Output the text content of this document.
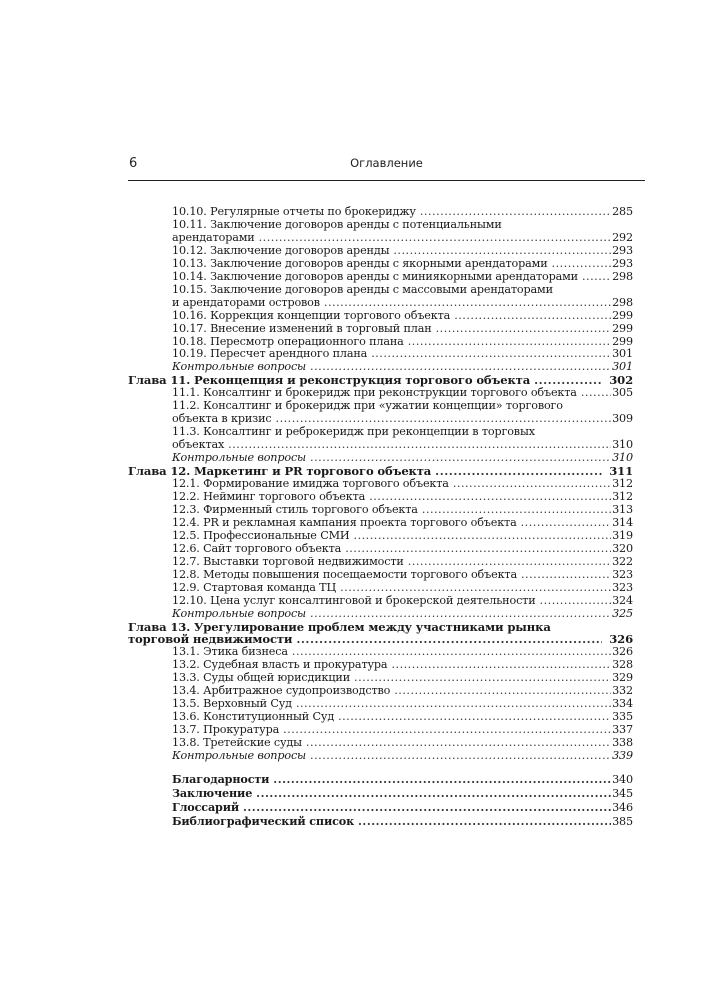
6	Оглавление
10.10. Регулярные отчеты по брокериджу .....	285
10.11. Заключение договоров аренды с потенциальными
арендаторами .....	292
10.12. Заключение договоров аренды .....	293
10.13. Заключение договоров аренды с якорными арендаторами .....	293
10.14. Заключение договоров аренды с миниякорными арендаторами .....	298
10.15. Заключение договоров аренды с массовыми арендаторами
и арендаторами островов .....	298
10.16. Коррекция концепции торгового объекта .....	299
10.17. Внесение изменений в торговый план .....	299
10.18. Пересмотр операционного плана .....	299
10.19. Пересчет арендного плана .....	301
Контрольные вопросы .....	301
Глава 11. Реконцепция и реконструкция торгового объекта .....	302
11.1. Консалтинг и брокеридж при реконструкции торгового объекта .....	305
11.2. Консалтинг и брокеридж при «ужатии концепции» торгового
объекта в кризис .....	309
11.3. Консалтинг и реброкеридж при реконцепции в торговых
объектах .....	310
Контрольные вопросы .....	310
Глава 12. Маркетинг и PR торгового объекта .....	311
12.1. Формирование имиджа торгового объекта .....	312
12.2. Нейминг торгового объекта .....	312
12.3. Фирменный стиль торгового объекта .....	313
12.4. PR и рекламная кампания проекта торгового объекта .....	314
12.5. Профессиональные СМИ .....	319
12.6. Сайт торгового объекта .....	320
12.7. Выставки торговой недвижимости .....	322
12.8. Методы повышения посещаемости торгового объекта .....	323
12.9. Стартовая команда ТЦ .....	323
12.10. Цена услуг консалтинговой и брокерской деятельности .....	324
Контрольные вопросы .....	325
Глава 13. Урегулирование проблем между участниками рынка
торговой недвижимости .....	326
13.1. Этика бизнеса .....	326
13.2. Судебная власть и прокуратура .....	328
13.3. Суды общей юрисдикции .....	329
13.4. Арбитражное судопроизводство .....	332
13.5. Верховный Суд .....	334
13.6. Конституционный Суд .....	335
13.7. Прокуратура .....	337
13.8. Третейские суды .....	338
Контрольные вопросы .....	339
Благодарности .....	340
Заключение .....	345
Глоссарий .....	346
Библиографический список .....	385
